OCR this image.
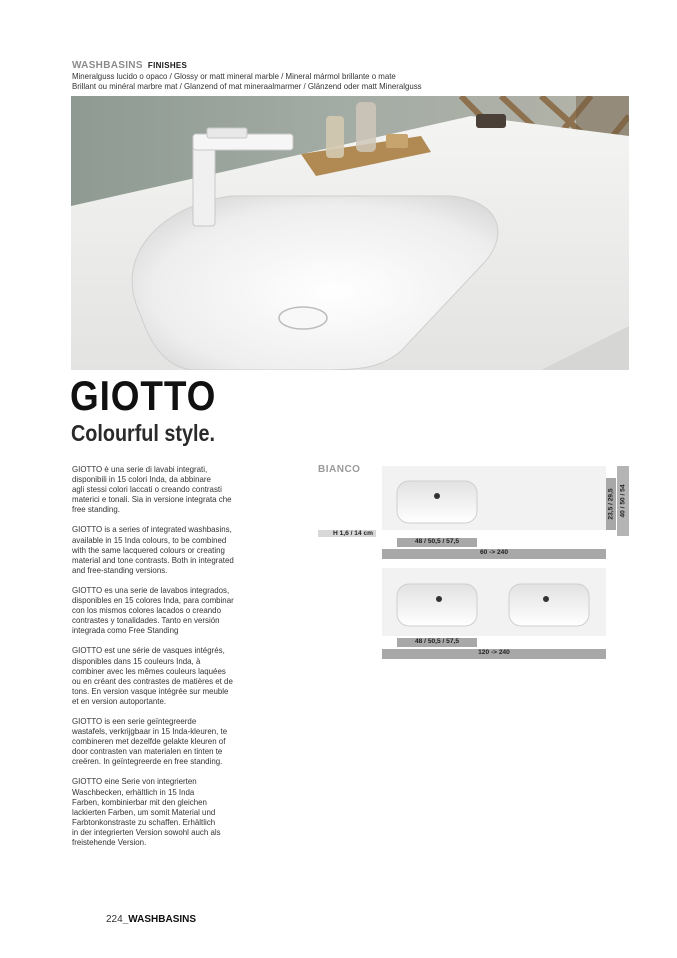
WASHBASINS FINISHES
Mineralguss lucido o opaco / Glossy or matt mineral marble / Mineral mármol brillante o mate
Brillant ou minéral marbre mat / Glanzend of mat mineraalmarmer / Glänzend oder matt Mineralguss
GIOTTO
Colourful style.

GIOTTO è una serie di lavabi integrati,
disponibili in 15 colori Inda, da abbinare
agli stessi colori laccati o creando contrasti
materici e tonali. Sia in versione integrata che
free standing.

GIOTTO is a series of integrated washbasins,
available in 15 Inda colours, to be combined
with the same lacquered colours or creating
material and tone contrasts. Both in integrated
and free-standing versions.

GIOTTO es una serie de lavabos integrados,
disponibles en 15 colores Inda, para combinar
con los mismos colores lacados o creando
contrastes y tonalidades. Tanto en versión
integrada como Free Standing

GIOTTO est une série de vasques intégrés,
disponibles dans 15 couleurs Inda, à
combiner avec les mêmes couleurs laquées
ou en créant des contrastes de matières et de
tons. En version vasque intégrée sur meuble
et en version autoportante.

GIOTTO is een serie geïntegreerde
wastafels, verkrijgbaar in 15 Inda-kleuren, te
combineren met dezelfde gelakte kleuren of
door contrasten van materialen en tinten te
creëren. In geïntegreerde en free standing.

GIOTTO eine Serie von integrierten
Waschbecken, erhältlich in 15 Inda
Farben, kombinierbar mit den gleichen
lackierten Farben, um somit Material und
Farbtonkonstraste zu schaffen. Erhältlich
in der integrierten Version sowohl auch als
freistehende Version.

BIANCO
23,5 / 29,5 40 / 50 / 54
H 1,6 / 14 cm
48 / 50,5 / 57,5
60 -> 240
48 / 50,5 / 57,5
120 -> 240
224_WASHBASINS
